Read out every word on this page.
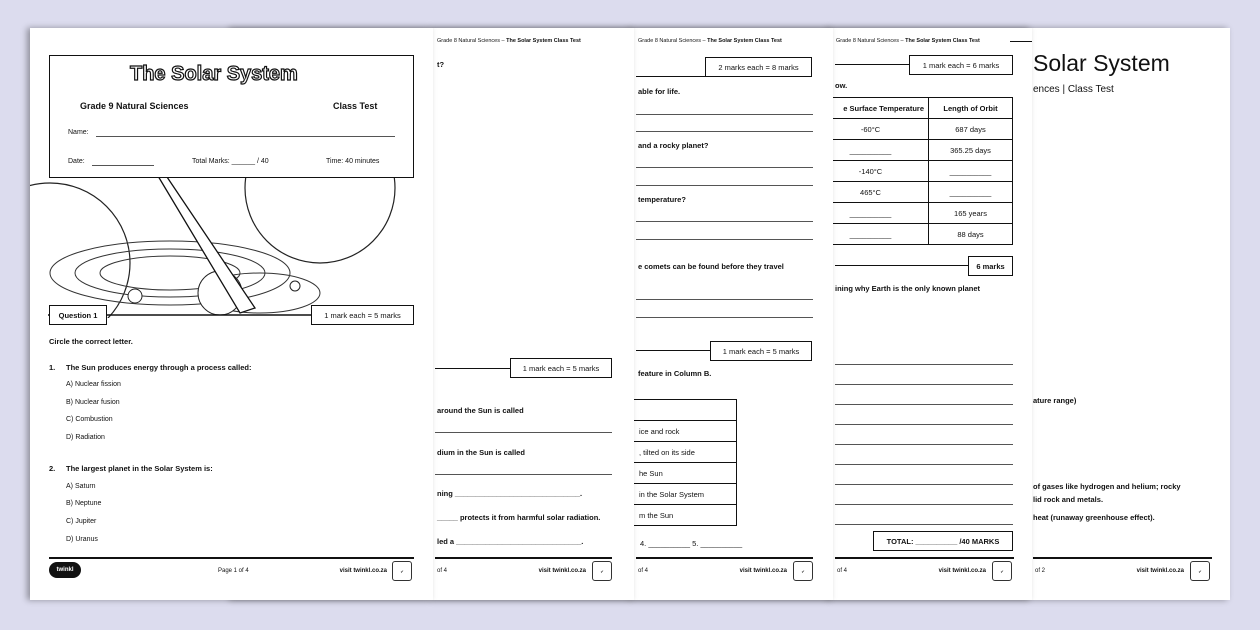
Solar System
ences | Class Test
ature range)
of gases like hydrogen and helium; rocky
lid rock and metals.
heat (runaway greenhouse effect).
of 2	visit twinkl.co.za	✔
Grade 8 Natural Sciences – The Solar System Class Test
1 mark each = 6 marks
ow.
e Surface Temperature	Length of Orbit
-60°C	687 days
__________	365.25 days
-140°C	__________
465°C	__________
__________	165 years
__________	88 days
6 marks
ining why Earth is the only known planet
TOTAL: __________ /40 MARKS
of 4	visit twinkl.co.za	✔
Grade 8 Natural Sciences – The Solar System Class Test
2 marks each = 8 marks
able for life.
and a rocky planet?
temperature?
e comets can be found before they travel
1 mark each = 5 marks
feature in Column B.

ice and rock
, tilted on its side
he Sun
in the Solar System
m the Sun
4. __________ 5. __________
of 4	visit twinkl.co.za	✔
Grade 8 Natural Sciences – The Solar System Class Test
t?
1 mark each = 5 marks
around the Sun is called
dium in the Sun is called
ning ______________________________.
_____ protects it from harmful solar radiation.
led a ______________________________.
of 4	visit twinkl.co.za	✔
The Solar System
Grade 9 Natural Sciences	Class Test
Name:
Date:	Total Marks: ______ / 40	Time: 40 minutes
Question 1	1 mark each = 5 marks
Circle the correct letter.
1. The Sun produces energy through a process called:
A) Nuclear fission
B) Nuclear fusion
C) Combustion
D) Radiation
2. The largest planet in the Solar System is:
A) Saturn
B) Neptune
C) Jupiter
D) Uranus
twinkl	Page 1 of 4	visit twinkl.co.za	✔
